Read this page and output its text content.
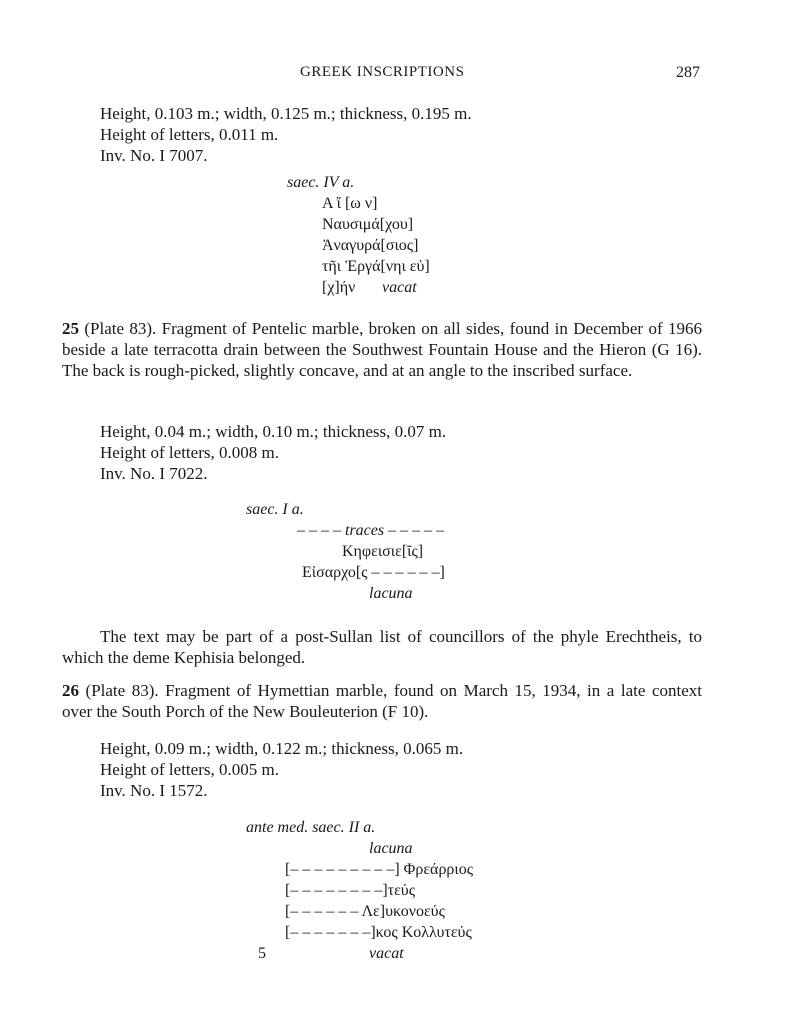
GREEK INSCRIPTIONS	287
Height, 0.103 m.; width, 0.125 m.; thickness, 0.195 m.
Height of letters, 0.011 m.
Inv. No. I 7007.
saec. IV a.
Α ἴ [ω ν]
Ναυσιμά[χου]
Ἀναγυρά[σιος]
τῆι Ἐργά[νηι εὐ]
[χ]ήν vacat
25 (Plate 83). Fragment of Pentelic marble, broken on all sides, found in December of 1966 beside a late terracotta drain between the Southwest Fountain House and the Hieron (G 16). The back is rough-picked, slightly concave, and at an angle to the inscribed surface.
Height, 0.04 m.; width, 0.10 m.; thickness, 0.07 m.
Height of letters, 0.008 m.
Inv. No. I 7022.
saec. I a.
– – – – traces – – – – –
Κηφεισιε[ῖς]
Εἰσαρχο[ς – – – – – –]
lacuna
The text may be part of a post-Sullan list of councillors of the phyle Erechtheis, to which the deme Kephisia belonged.
26 (Plate 83). Fragment of Hymettian marble, found on March 15, 1934, in a late context over the South Porch of the New Bouleuterion (F 10).
Height, 0.09 m.; width, 0.122 m.; thickness, 0.065 m.
Height of letters, 0.005 m.
Inv. No. I 1572.
ante med. saec. II a.
lacuna
[– – – – – – – – –] Φρεάρριος
[– – – – – – – –]τεύς
[– – – – – – Λε]υκονοεύς
[– – – – – – –]κος Κολλυτεύς
5	vacat
